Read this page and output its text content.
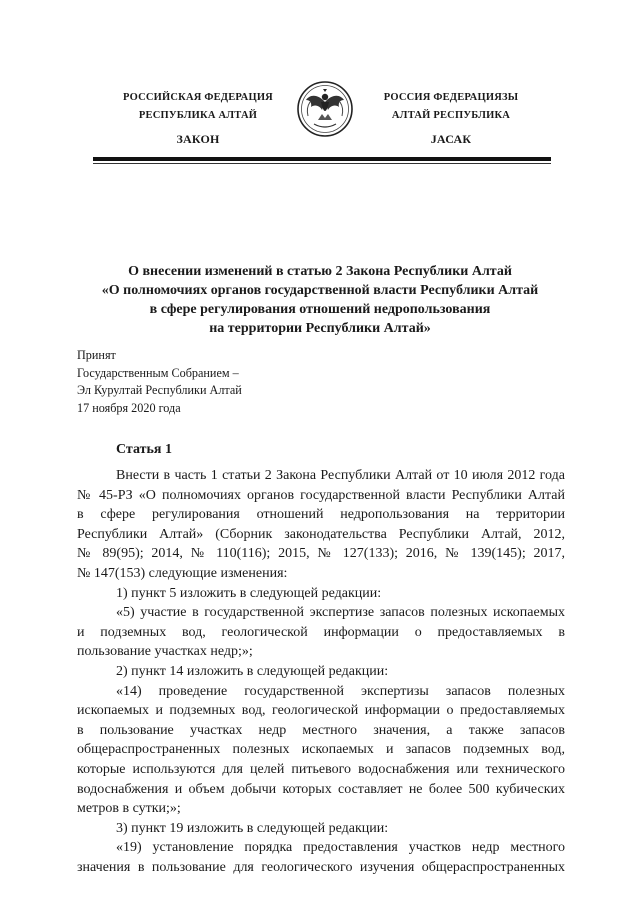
РОССИЙСКАЯ ФЕДЕРАЦИЯ
РЕСПУБЛИКА АЛТАЙ
ЗАКОН
РОССИЯ ФЕДЕРАЦИЯЗЫ
АЛТАЙ РЕСПУБЛИКА
JАСАК
О внесении изменений в статью 2 Закона Республики Алтай
«О полномочиях органов государственной власти Республики Алтай
в сфере регулирования отношений недропользования
на территории Республики Алтай»
Принят
Государственным Собранием –
Эл Курултай Республики Алтай
17 ноября 2020 года
Статья 1
Внести в часть 1 статьи 2 Закона Республики Алтай от 10 июля 2012 года
№ 45-РЗ «О полномочиях органов государственной власти Республики Алтай
в сфере регулирования отношений недропользования на территории
Республики Алтай» (Сборник законодательства Республики Алтай, 2012,
№ 89(95); 2014, № 110(116); 2015, № 127(133); 2016, № 139(145); 2017,
№ 147(153) следующие изменения:
1) пункт 5 изложить в следующей редакции:
«5) участие в государственной экспертизе запасов полезных ископаемых
и подземных вод, геологической информации о предоставляемых в
пользование участках недр;»;
2) пункт 14 изложить в следующей редакции:
«14) проведение государственной экспертизы запасов полезных
ископаемых и подземных вод, геологической информации о предоставляемых
в пользование участках недр местного значения, а также запасов
общераспространенных полезных ископаемых и запасов подземных вод,
которые используются для целей питьевого водоснабжения или технического
водоснабжения и объем добычи которых составляет не более 500 кубических
метров в сутки;»;
3) пункт 19 изложить в следующей редакции:
«19) установление порядка предоставления участков недр местного
значения в пользование для геологического изучения общераспространенных
